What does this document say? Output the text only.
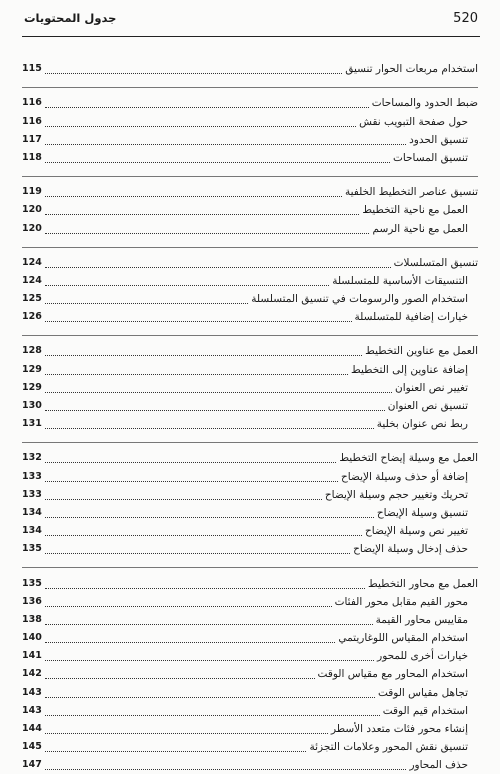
520
جدول المحتويات
استخدام مربعات الحوار تنسيق
115
ضبط الحدود والمساحات
116
حول صفحة التبويب نقش
116
تنسيق الحدود
117
تنسيق المساحات
118
تنسيق عناصر التخطيط الخلفية
119
العمل مع ناحية التخطيط
120
العمل مع ناحية الرسم
120
تنسيق المتسلسلات
124
التنسيقات الأساسية للمتسلسلة
124
استخدام الصور والرسومات في تنسيق المتسلسلة
125
خيارات إضافية للمتسلسلة
126
العمل مع عناوين التخطيط
128
إضافة عناوين إلى التخطيط
129
تغيير نص العنوان
129
تنسيق نص العنوان
130
ربط نص عنوان بخلية
131
العمل مع وسيلة إيضاح التخطيط
132
إضافة أو حذف وسيلة الإيضاح
133
تحريك وتغيير حجم وسيلة الإيضاح
133
تنسيق وسيلة الإيضاح
134
تغيير نص وسيلة الإيضاح
134
حذف إدخال وسيلة الإيضاح
135
العمل مع محاور التخطيط
135
محور القيم مقابل محور الفئات
136
مقاييس محاور القيمة
138
استخدام المقياس اللوغاريتمي
140
خيارات أخرى للمحور
141
استخدام المحاور مع مقياس الوقت
142
تجاهل مقياس الوقت
143
استخدام قيم الوقت
143
إنشاء محور فئات متعدد الأسطر
144
تنسيق نقش المحور وعلامات التجزئة
145
حذف المحاور
147
